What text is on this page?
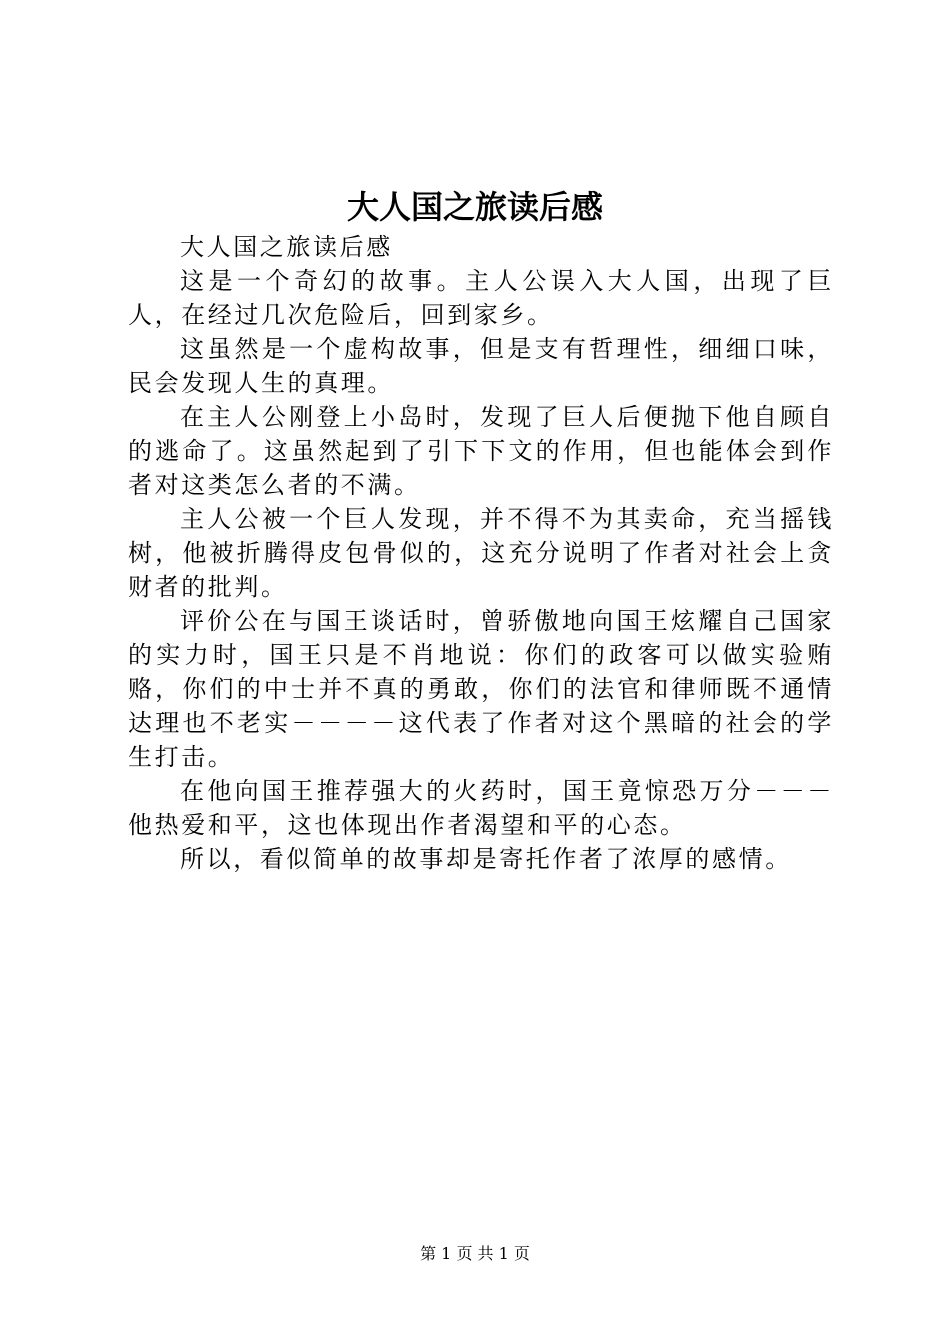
大人国之旅读后感

大人国之旅读后感

这是一个奇幻的故事。主人公误入大人国，出现了巨人，在经过几次危险后，回到家乡。

这虽然是一个虚构故事，但是支有哲理性，细细口味，民会发现人生的真理。

在主人公刚登上小岛时，发现了巨人后便抛下他自顾自的逃命了。这虽然起到了引下下文的作用，但也能体会到作者对这类怎么者的不满。

主人公被一个巨人发现，并不得不为其卖命，充当摇钱树，他被折腾得皮包骨似的，这充分说明了作者对社会上贪财者的批判。

评价公在与国王谈话时，曾骄傲地向国王炫耀自己国家的实力时，国王只是不肖地说：你们的政客可以做实验贿赂，你们的中士并不真的勇敢，你们的法官和律师既不通情达理也不老实－－－－这代表了作者对这个黑暗的社会的学生打击。

在他向国王推荐强大的火药时，国王竟惊恐万分－－－他热爱和平，这也体现出作者渴望和平的心态。

所以，看似简单的故事却是寄托作者了浓厚的感情。

第 1 页 共 1 页
